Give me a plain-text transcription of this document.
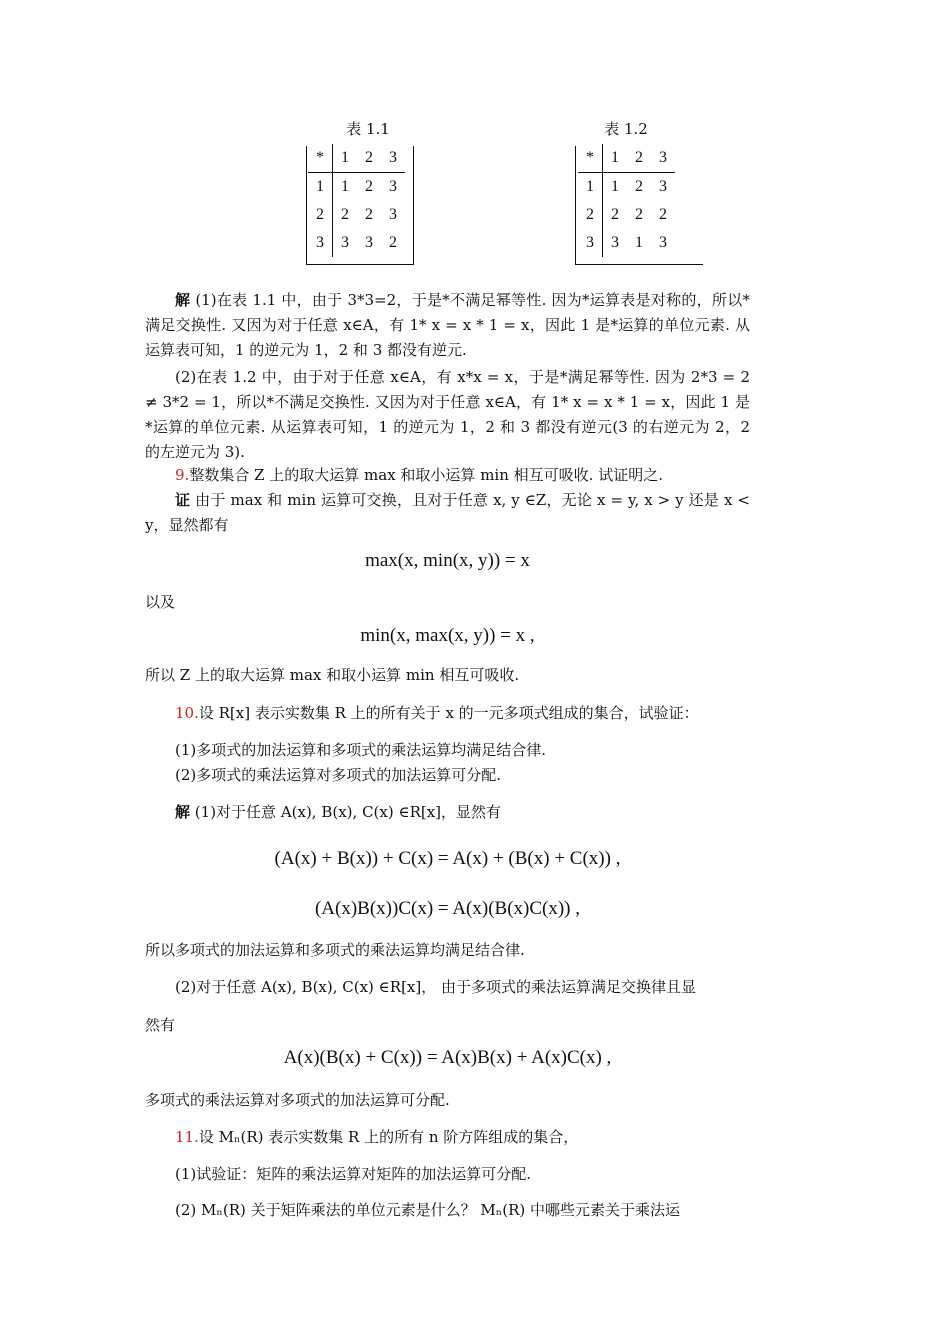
表 1.1
*	1	2	3
1	1	2	3
2	2	2	3
3	3	3	2
表 1.2
*	1	2	3
1	1	2	3
2	2	2	2
3	3	1	3
解 (1)在表 1.1 中，由于 3*3=2，于是*不满足幂等性. 因为*运算表是对称的，所以*满足交换性. 又因为对于任意 x∈A，有 1* x = x * 1 = x，因此 1 是*运算的单位元素. 从运算表可知，1 的逆元为 1，2 和 3 都没有逆元.
(2)在表 1.2 中，由于对于任意 x∈A，有 x*x = x，于是*满足幂等性. 因为 2*3 = 2 ≠ 3*2 = 1，所以*不满足交换性. 又因为对于任意 x∈A，有 1* x = x * 1 = x，因此 1 是*运算的单位元素. 从运算表可知，1 的逆元为 1，2 和 3 都没有逆元(3 的右逆元为 2，2 的左逆元为 3).
9.整数集合 Z 上的取大运算 max 和取小运算 min 相互可吸收. 试证明之.
证 由于 max 和 min 运算可交换，且对于任意 x, y ∈Z，无论 x = y, x > y 还是 x < y，显然都有
max(x, min(x, y)) = x
以及
min(x, max(x, y)) = x ,
所以 Z 上的取大运算 max 和取小运算 min 相互可吸收.
10.设 R[x] 表示实数集 R 上的所有关于 x 的一元多项式组成的集合，试验证：
(1)多项式的加法运算和多项式的乘法运算均满足结合律.
(2)多项式的乘法运算对多项式的加法运算可分配.
解 (1)对于任意 A(x), B(x), C(x) ∈R[x]，显然有
(A(x) + B(x)) + C(x) = A(x) + (B(x) + C(x)) ,
(A(x)B(x))C(x) = A(x)(B(x)C(x)) ,
所以多项式的加法运算和多项式的乘法运算均满足结合律.
(2)对于任意 A(x), B(x), C(x) ∈R[x]， 由于多项式的乘法运算满足交换律且显
然有
A(x)(B(x) + C(x)) = A(x)B(x) + A(x)C(x) ,
多项式的乘法运算对多项式的加法运算可分配.
11.设 Mₙ(R) 表示实数集 R 上的所有 n 阶方阵组成的集合，
(1)试验证：矩阵的乘法运算对矩阵的加法运算可分配.
(2) Mₙ(R) 关于矩阵乘法的单位元素是什么？ Mₙ(R) 中哪些元素关于乘法运
